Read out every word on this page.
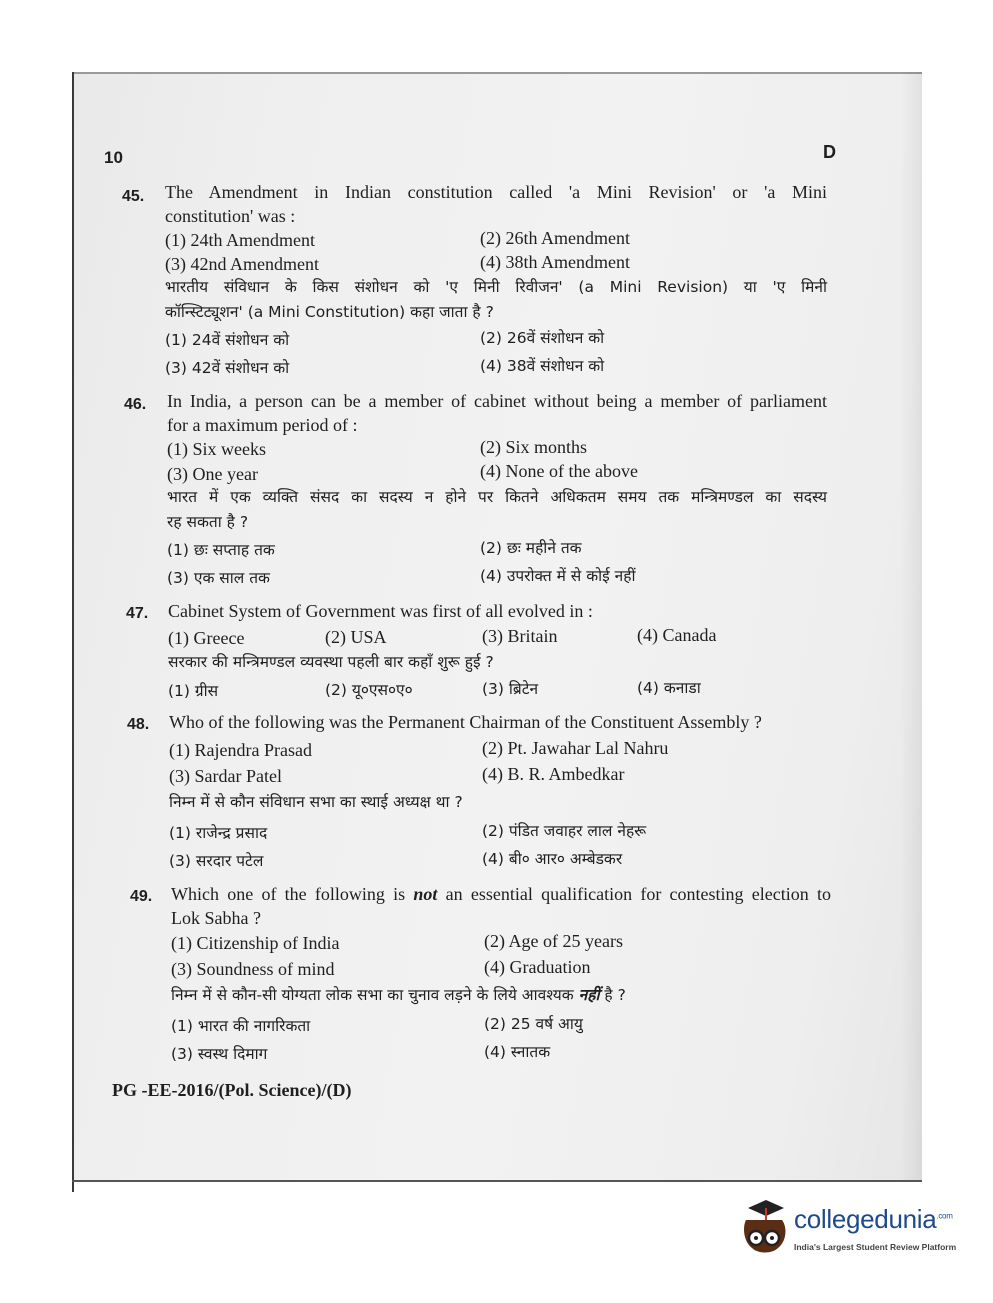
10	D
45. The Amendment in Indian constitution called 'a Mini Revision' or 'a Mini
constitution' was :
(1) 24th Amendment	(2) 26th Amendment
(3) 42nd Amendment	(4) 38th Amendment
भारतीय संविधान के किस संशोधन को 'ए मिनी रिवीजन' (a Mini Revision) या 'ए मिनी
कॉन्स्टिट्यूशन' (a Mini Constitution) कहा जाता है ?
(1) 24वें संशोधन को	(2) 26वें संशोधन को
(3) 42वें संशोधन को	(4) 38वें संशोधन को
46. In India, a person can be a member of cabinet without being a member of parliament
for a maximum period of :
(1) Six weeks	(2) Six months
(3) One year	(4) None of the above
भारत में एक व्यक्ति संसद का सदस्य न होने पर कितने अधिकतम समय तक मन्त्रिमण्डल का सदस्य
रह सकता है ?
(1) छः सप्ताह तक	(2) छः महीने तक
(3) एक साल तक	(4) उपरोक्त में से कोई नहीं
47. Cabinet System of Government was first of all evolved in :
(1) Greece	(2) USA	(3) Britain	(4) Canada
सरकार की मन्त्रिमण्डल व्यवस्था पहली बार कहाँ शुरू हुई ?
(1) ग्रीस	(2) यू०एस०ए०	(3) ब्रिटेन	(4) कनाडा
48. Who of the following was the Permanent Chairman of the Constituent Assembly ?
(1) Rajendra Prasad	(2) Pt. Jawahar Lal Nahru
(3) Sardar Patel	(4) B. R. Ambedkar
निम्न में से कौन संविधान सभा का स्थाई अध्यक्ष था ?
(1) राजेन्द्र प्रसाद	(2) पंडित जवाहर लाल नेहरू
(3) सरदार पटेल	(4) बी० आर० अम्बेडकर
49. Which one of the following is not an essential qualification for contesting election to
Lok Sabha ?
(1) Citizenship of India	(2) Age of 25 years
(3) Soundness of mind	(4) Graduation
निम्न में से कौन-सी योग्यता लोक सभा का चुनाव लड़ने के लिये आवश्यक नहीं है ?
(1) भारत की नागरिकता	(2) 25 वर्ष आयु
(3) स्वस्थ दिमाग	(4) स्नातक
PG -EE-2016/(Pol. Science)/(D)
collegedunia$^{.com}$
India's Largest Student Review Platform
